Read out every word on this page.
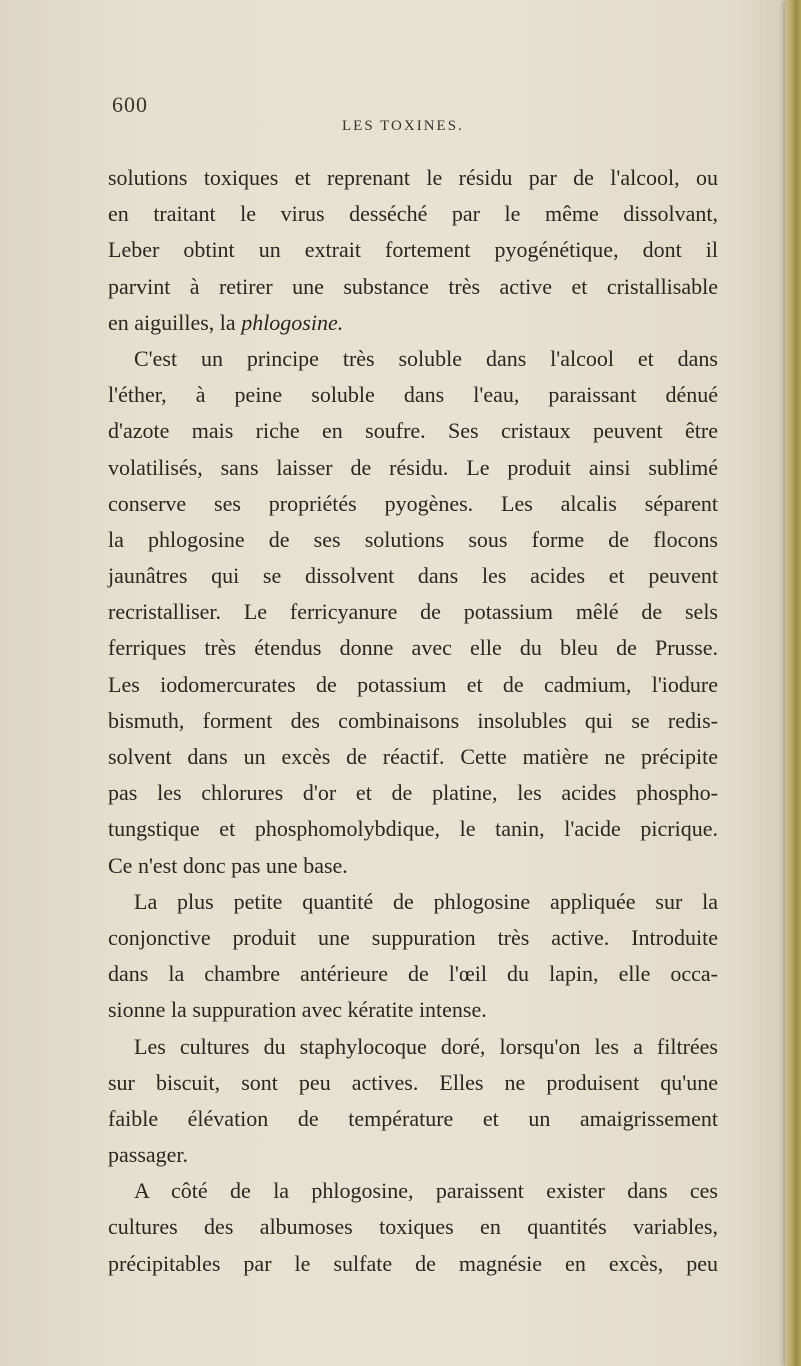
600
LES TOXINES.
solutions toxiques et reprenant le résidu par de l'alcool, ou
en traitant le virus desséché par le même dissolvant,
Leber obtint un extrait fortement pyogénétique, dont il
parvint à retirer une substance très active et cristallisable
en aiguilles, la phlogosine.
C'est un principe très soluble dans l'alcool et dans
l'éther, à peine soluble dans l'eau, paraissant dénué
d'azote mais riche en soufre. Ses cristaux peuvent être
volatilisés, sans laisser de résidu. Le produit ainsi sublimé
conserve ses propriétés pyogènes. Les alcalis séparent
la phlogosine de ses solutions sous forme de flocons
jaunâtres qui se dissolvent dans les acides et peuvent
recristalliser. Le ferricyanure de potassium mêlé de sels
ferriques très étendus donne avec elle du bleu de Prusse.
Les iodomercurates de potassium et de cadmium, l'iodure
bismuth, forment des combinaisons insolubles qui se redis-
solvent dans un excès de réactif. Cette matière ne précipite
pas les chlorures d'or et de platine, les acides phospho-
tungstique et phosphomolybdique, le tanin, l'acide picrique.
Ce n'est donc pas une base.
La plus petite quantité de phlogosine appliquée sur la
conjonctive produit une suppuration très active. Introduite
dans la chambre antérieure de l'œil du lapin, elle occa-
sionne la suppuration avec kératite intense.
Les cultures du staphylocoque doré, lorsqu'on les a filtrées
sur biscuit, sont peu actives. Elles ne produisent qu'une
faible élévation de température et un amaigrissement
passager.
A côté de la phlogosine, paraissent exister dans ces
cultures des albumoses toxiques en quantités variables,
précipitables par le sulfate de magnésie en excès, peu
